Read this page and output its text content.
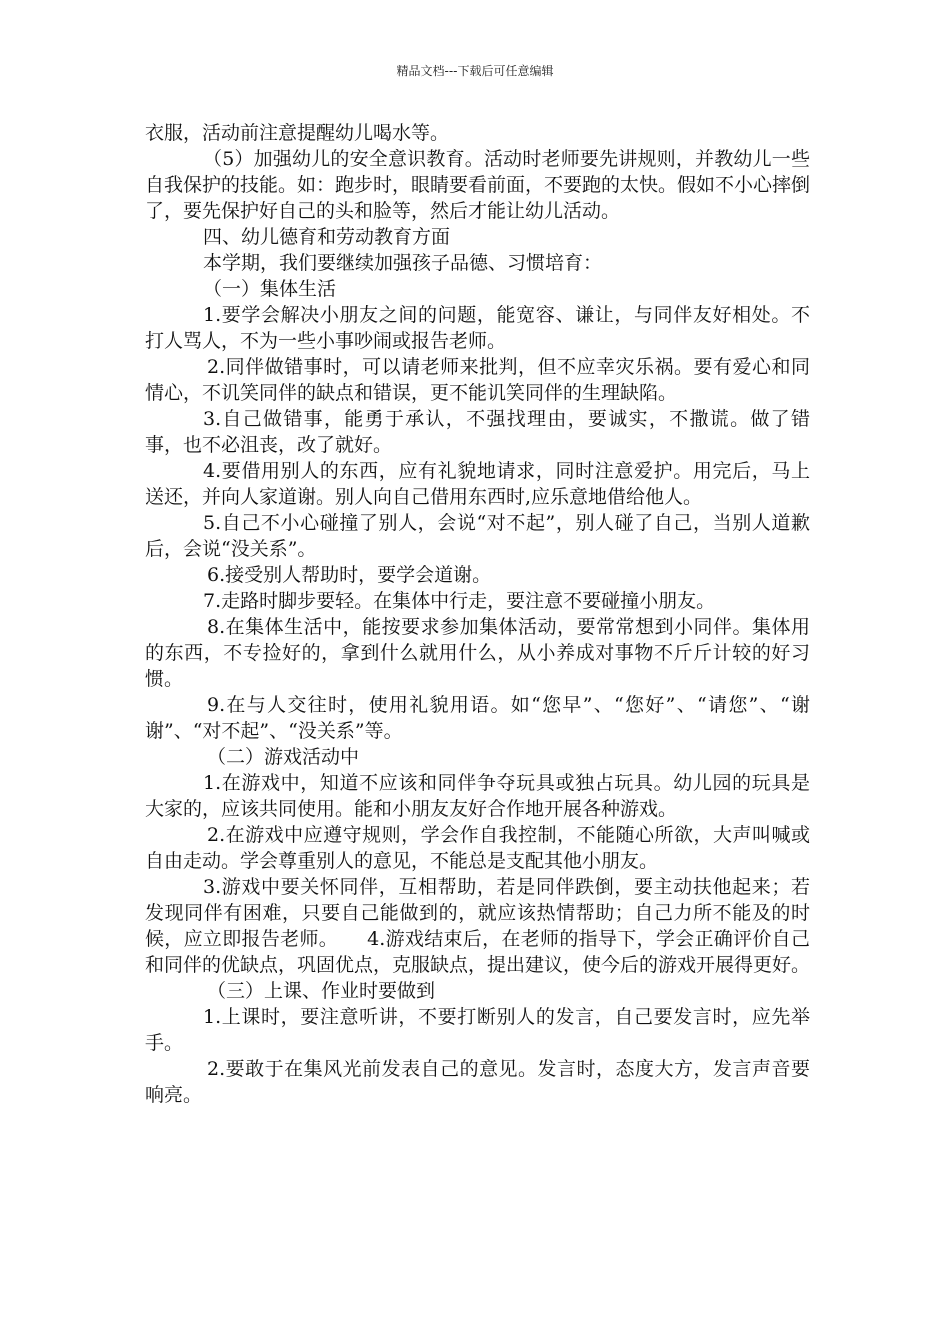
精品文档---下载后可任意编辑

衣服，活动前注意提醒幼儿喝水等。

（5）加强幼儿的安全意识教育。活动时老师要先讲规则，并教幼儿一些自我保护的技能。如：跑步时，眼睛要看前面，不要跑的太快。假如不小心摔倒了，要先保护好自己的头和脸等，然后才能让幼儿活动。

四、幼儿德育和劳动教育方面

本学期，我们要继续加强孩子品德、习惯培育：

（一）集体生活

1.要学会解决小朋友之间的问题，能宽容、谦让，与同伴友好相处。不打人骂人，不为一些小事吵闹或报告老师。

2.同伴做错事时，可以请老师来批判，但不应幸灾乐祸。要有爱心和同情心，不讥笑同伴的缺点和错误，更不能讥笑同伴的生理缺陷。

3.自己做错事，能勇于承认，不强找理由，要诚实，不撒谎。做了错事，也不必沮丧，改了就好。

4.要借用别人的东西，应有礼貌地请求，同时注意爱护。用完后，马上送还，并向人家道谢。别人向自己借用东西时,应乐意地借给他人。

5.自己不小心碰撞了别人，会说“对不起”，别人碰了自己，当别人道歉后，会说“没关系”。

6.接受别人帮助时，要学会道谢。

7.走路时脚步要轻。在集体中行走，要注意不要碰撞小朋友。

8.在集体生活中，能按要求参加集体活动，要常常想到小同伴。集体用的东西，不专捡好的，拿到什么就用什么，从小养成对事物不斤斤计较的好习惯。

9.在与人交往时，使用礼貌用语。如“您早”、“您好”、“请您”、“谢谢”、“对不起”、“没关系”等。

（二）游戏活动中

1.在游戏中，知道不应该和同伴争夺玩具或独占玩具。幼儿园的玩具是大家的，应该共同使用。能和小朋友友好合作地开展各种游戏。

2.在游戏中应遵守规则，学会作自我控制，不能随心所欲，大声叫喊或自由走动。学会尊重别人的意见，不能总是支配其他小朋友。

3.游戏中要关怀同伴，互相帮助，若是同伴跌倒，要主动扶他起来；若发现同伴有困难，只要自己能做到的，就应该热情帮助；自己力所不能及的时候，应立即报告老师。　　4.游戏结束后，在老师的指导下，学会正确评价自己和同伴的优缺点，巩固优点，克服缺点，提出建议，使今后的游戏开展得更好。

（三）上课、作业时要做到

1.上课时，要注意听讲，不要打断别人的发言，自己要发言时，应先举手。

2.要敢于在集风光前发表自己的意见。发言时，态度大方，发言声音要响亮。
